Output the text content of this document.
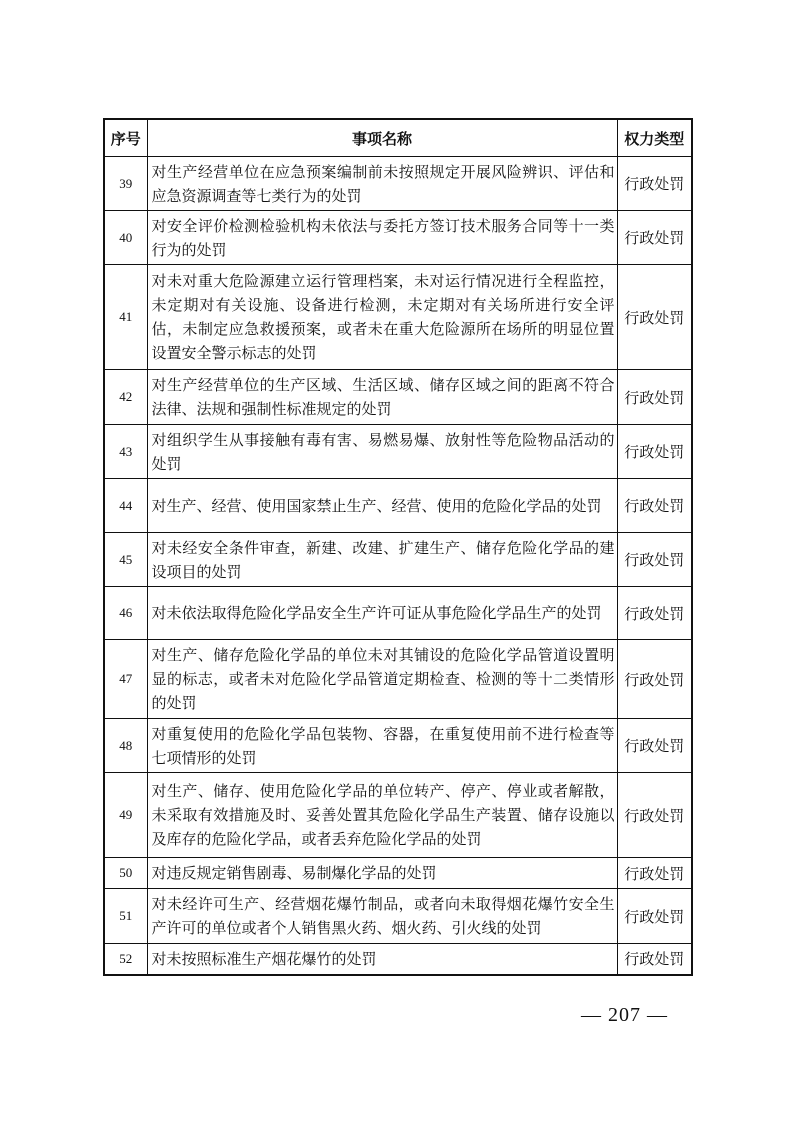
序号	事项名称	权力类型
39	对生产经营单位在应急预案编制前未按照规定开展风险辨识、评估和应急资源调查等七类行为的处罚	行政处罚
40	对安全评价检测检验机构未依法与委托方签订技术服务合同等十一类行为的处罚	行政处罚
41	对未对重大危险源建立运行管理档案，未对运行情况进行全程监控，未定期对有关设施、设备进行检测，未定期对有关场所进行安全评估，未制定应急救援预案，或者未在重大危险源所在场所的明显位置设置安全警示标志的处罚	行政处罚
42	对生产经营单位的生产区域、生活区域、储存区域之间的距离不符合法律、法规和强制性标准规定的处罚	行政处罚
43	对组织学生从事接触有毒有害、易燃易爆、放射性等危险物品活动的处罚	行政处罚
44	对生产、经营、使用国家禁止生产、经营、使用的危险化学品的处罚	行政处罚
45	对未经安全条件审查，新建、改建、扩建生产、储存危险化学品的建设项目的处罚	行政处罚
46	对未依法取得危险化学品安全生产许可证从事危险化学品生产的处罚	行政处罚
47	对生产、储存危险化学品的单位未对其铺设的危险化学品管道设置明显的标志，或者未对危险化学品管道定期检查、检测的等十二类情形的处罚	行政处罚
48	对重复使用的危险化学品包装物、容器，在重复使用前不进行检查等七项情形的处罚	行政处罚
49	对生产、储存、使用危险化学品的单位转产、停产、停业或者解散，未采取有效措施及时、妥善处置其危险化学品生产装置、储存设施以及库存的危险化学品，或者丢弃危险化学品的处罚	行政处罚
50	对违反规定销售剧毒、易制爆化学品的处罚	行政处罚
51	对未经许可生产、经营烟花爆竹制品，或者向未取得烟花爆竹安全生产许可的单位或者个人销售黑火药、烟火药、引火线的处罚	行政处罚
52	对未按照标准生产烟花爆竹的处罚	行政处罚
— 207 —
